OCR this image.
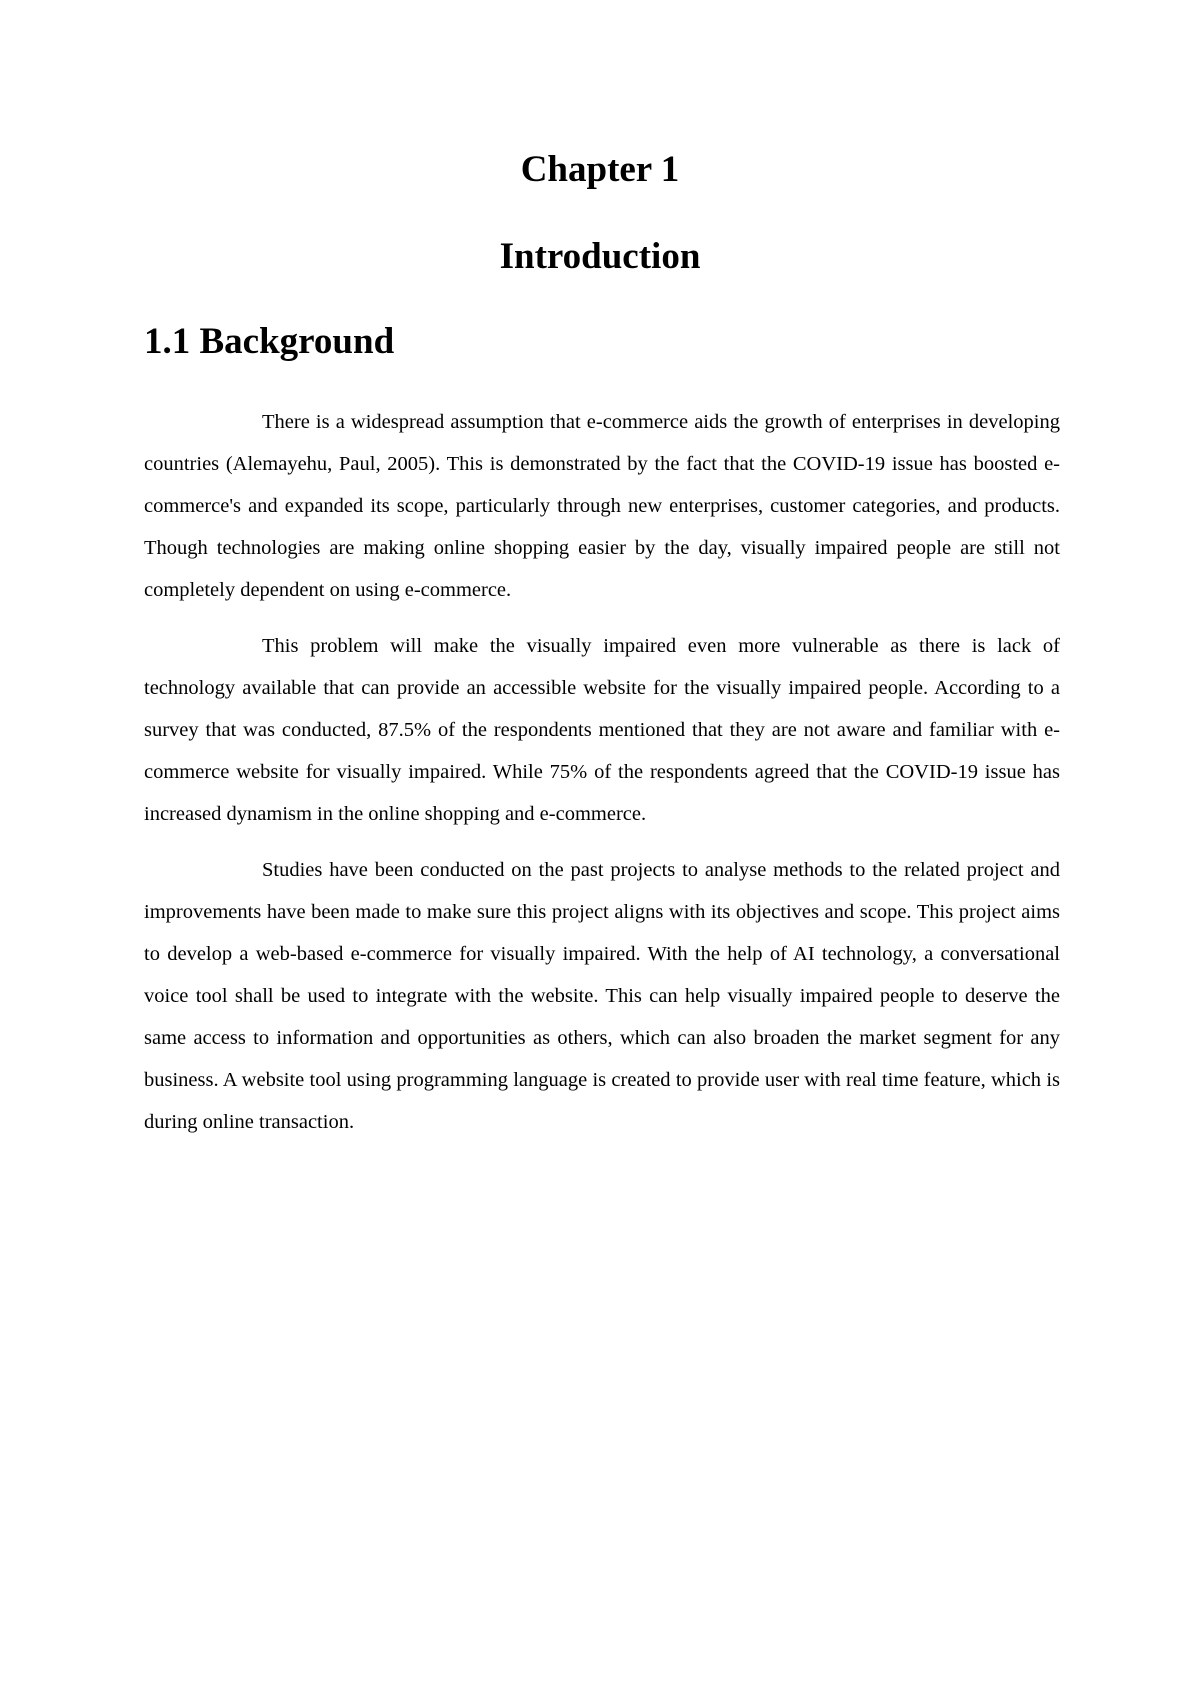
Chapter 1
Introduction
1.1 Background

There is a widespread assumption that e-commerce aids the growth of enterprises in developing countries (Alemayehu, Paul, 2005). This is demonstrated by the fact that the COVID-19 issue has boosted e-commerce's and expanded its scope, particularly through new enterprises, customer categories, and products. Though technologies are making online shopping easier by the day, visually impaired people are still not completely dependent on using e-commerce.

This problem will make the visually impaired even more vulnerable as there is lack of technology available that can provide an accessible website for the visually impaired people. According to a survey that was conducted, 87.5% of the respondents mentioned that they are not aware and familiar with e-commerce website for visually impaired. While 75% of the respondents agreed that the COVID-19 issue has increased dynamism in the online shopping and e-commerce.

Studies have been conducted on the past projects to analyse methods to the related project and improvements have been made to make sure this project aligns with its objectives and scope. This project aims to develop a web-based e-commerce for visually impaired. With the help of AI technology, a conversational voice tool shall be used to integrate with the website. This can help visually impaired people to deserve the same access to information and opportunities as others, which can also broaden the market segment for any business. A website tool using programming language is created to provide user with real time feature, which is during online transaction.
